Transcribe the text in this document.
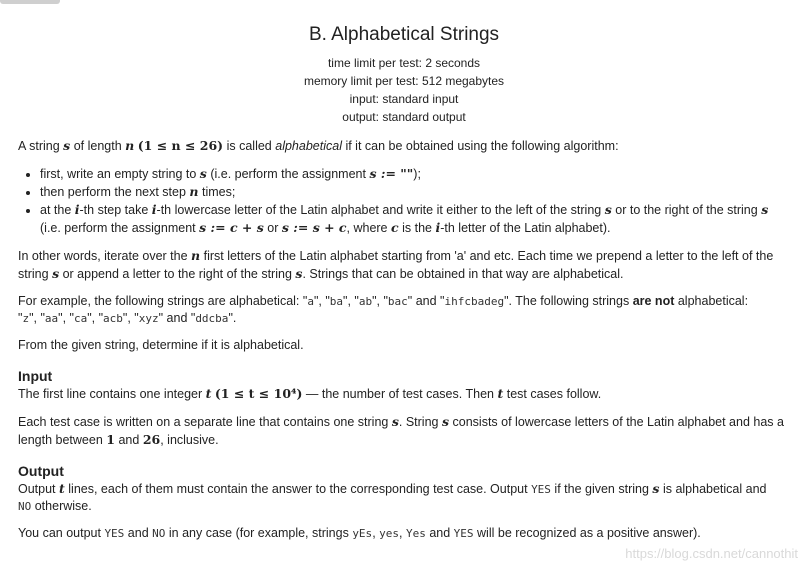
B. Alphabetical Strings

time limit per test: 2 seconds

memory limit per test: 512 megabytes

input: standard input

output: standard output

A string s of length n (1 ≤ n ≤ 26) is called alphabetical if it can be obtained using the following algorithm:

• first, write an empty string to s (i.e. perform the assignment s := "");
• then perform the next step n times;
• at the i-th step take i-th lowercase letter of the Latin alphabet and write it either to the left of the string s or to the right of the string s
(i.e. perform the assignment s := c + s or s := s + c, where c is the i-th letter of the Latin alphabet).

In other words, iterate over the n first letters of the Latin alphabet starting from 'a' and etc. Each time we prepend a letter to the left of the string s or append a letter to the right of the string s. Strings that can be obtained in that way are alphabetical.

For example, the following strings are alphabetical: "a", "ba", "ab", "bac" and "ihfcbadeg". The following strings are not alphabetical:
"z", "aa", "ca", "acb", "xyz" and "ddcba".

From the given string, determine if it is alphabetical.

Input

The first line contains one integer t (1 ≤ t ≤ 10⁴) — the number of test cases. Then t test cases follow.

Each test case is written on a separate line that contains one string s. String s consists of lowercase letters of the Latin alphabet and has a length between 1 and 26, inclusive.

Output

Output t lines, each of them must contain the answer to the corresponding test case. Output YES if the given string s is alphabetical and
NO otherwise.

You can output YES and NO in any case (for example, strings yEs, yes, Yes and YES will be recognized as a positive answer).

https://blog.csdn.net/cannothit
